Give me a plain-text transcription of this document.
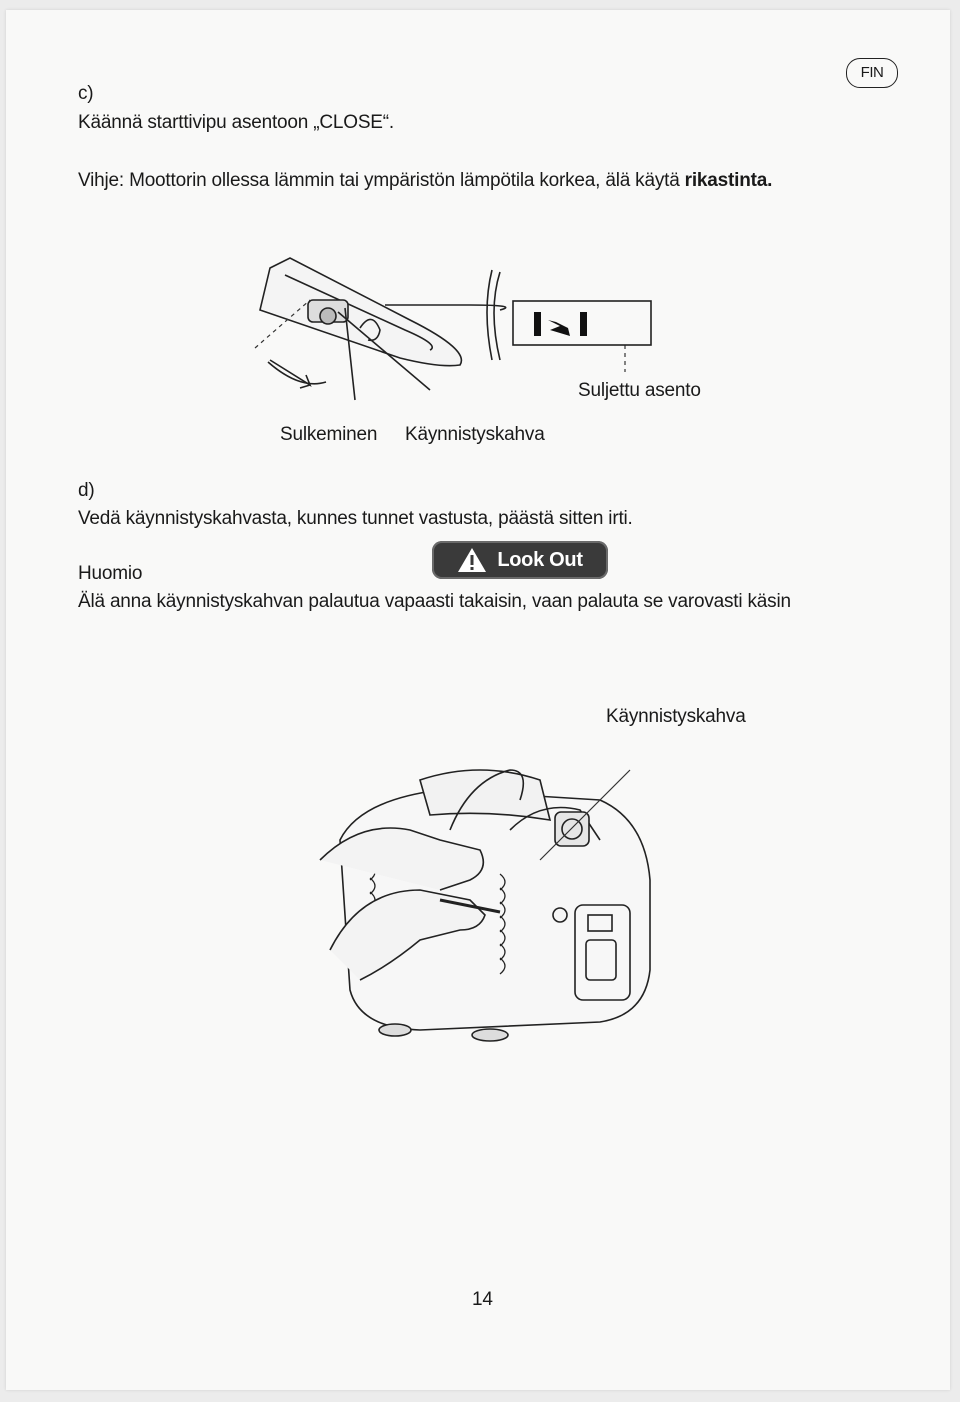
FIN
c)
Käännä starttivipu asentoon „CLOSE“.
Vihje: Moottorin ollessa lämmin tai ympäristön lämpötila korkea, älä käytä rikastinta.
Suljettu asento
Sulkeminen Käynnistyskahva
d)
Vedä käynnistyskahvasta, kunnes tunnet vastusta, päästä sitten irti.
Look Out
Huomio
Älä anna käynnistyskahvan palautua vapaasti takaisin, vaan palauta se varovasti käsin
Käynnistyskahva
14
